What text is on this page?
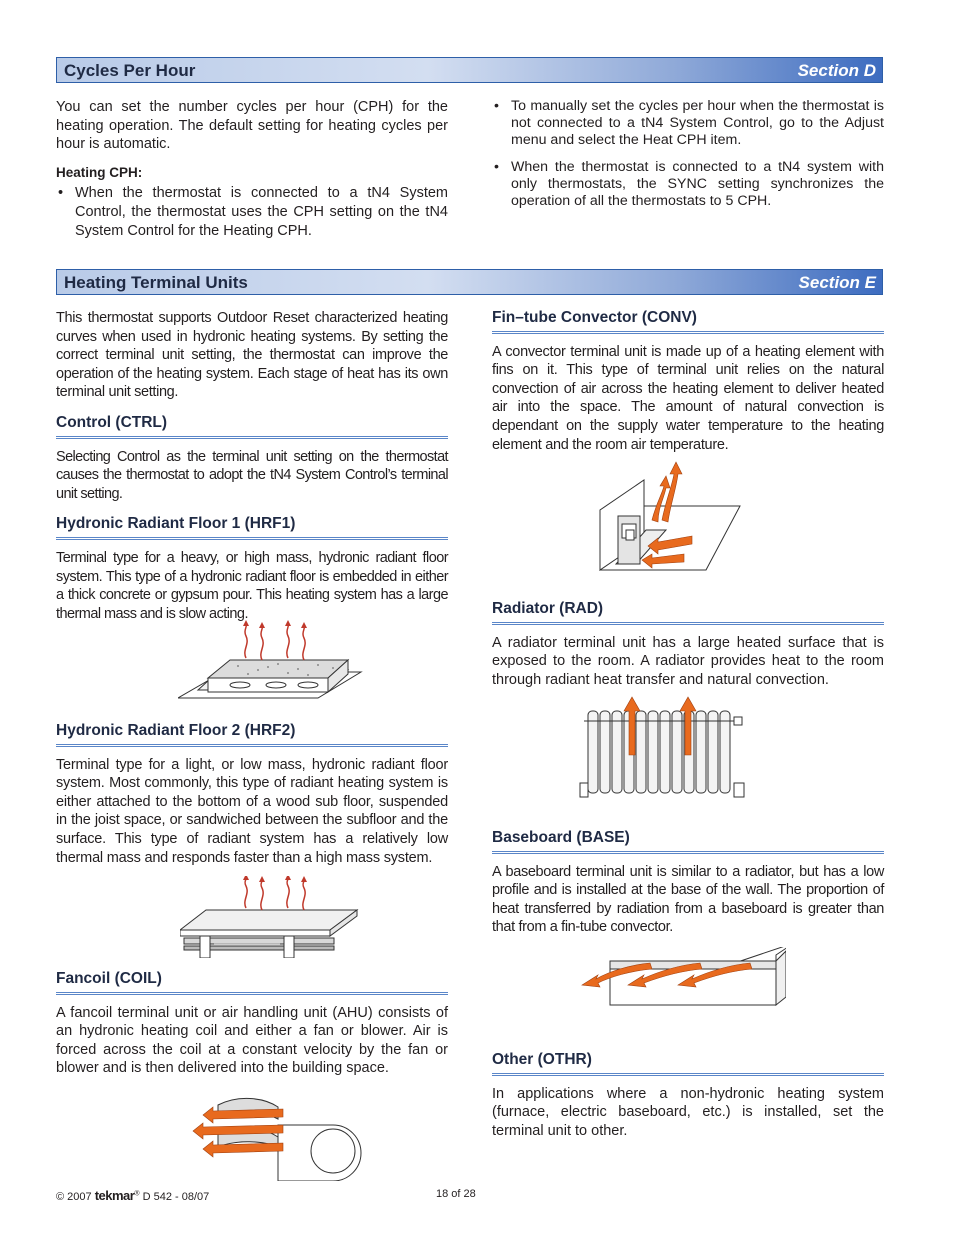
Cycles Per Hour	Section D

You can set the number cycles per hour (CPH) for the heating operation. The default setting for heating cycles per hour is automatic.

Heating CPH:

• When the thermostat is connected to a tN4 System Control, the thermostat uses the CPH setting on the tN4 System Control for the Heating CPH.
• To manually set the cycles per hour when the thermostat is not connected to a tN4 System Control, go to the Adjust menu and select the Heat CPH item.
• When the thermostat is connected to a tN4 system with only thermostats, the SYNC setting synchronizes the operation of all the thermostats to 5 CPH.
Heating Terminal Units	Section E

This thermostat supports Outdoor Reset characterized heating curves when used in hydronic heating systems. By setting the correct terminal unit setting, the thermostat can improve the operation of the heating system. Each stage of heat has its own terminal unit setting.

Control (CTRL)

Selecting Control as the terminal unit setting on the thermostat causes the thermostat to adopt the tN4 System Control’s terminal unit setting.

Hydronic Radiant Floor 1 (HRF1)

Terminal type for a heavy, or high mass, hydronic radiant floor system. This type of a hydronic radiant floor is embedded in either a thick concrete or gypsum pour. This heating system has a large thermal mass and is slow acting.

Hydronic Radiant Floor 2 (HRF2)

Terminal type for a light, or low mass, hydronic radiant floor system. Most commonly, this type of radiant heating system is either attached to the bottom of a wood sub floor, suspended in the joist space, or sandwiched between the subfloor and the surface. This type of radiant system has a relatively low thermal mass and responds faster than a high mass system.

Fancoil (COIL)

A fancoil terminal unit or air handling unit (AHU) consists of an hydronic heating coil and either a fan or blower. Air is forced across the coil at a constant velocity by the fan or blower and is then delivered into the building space.

Fin–tube Convector (CONV)

A convector terminal unit is made up of a heating element with fins on it. This type of terminal unit relies on the natural convection of air across the heating element to deliver heated air into the space. The amount of natural convection is dependant on the supply water temperature to the heating element and the room air temperature.

Radiator (RAD)

A radiator terminal unit has a large heated surface that is exposed to the room. A radiator provides heat to the room through radiant heat transfer and natural convection.

Baseboard (BASE)

A baseboard terminal unit is similar to a radiator, but has a low profile and is installed at the base of the wall. The proportion of heat transferred by radiation from a baseboard is greater than that from a fin-tube convector.

Other (OTHR)

In applications where a non-hydronic heating system (furnace, electric baseboard, etc.) is installed, set the terminal unit to other.

© 2007 tekmar® D 542 - 08/07	18 of 28
